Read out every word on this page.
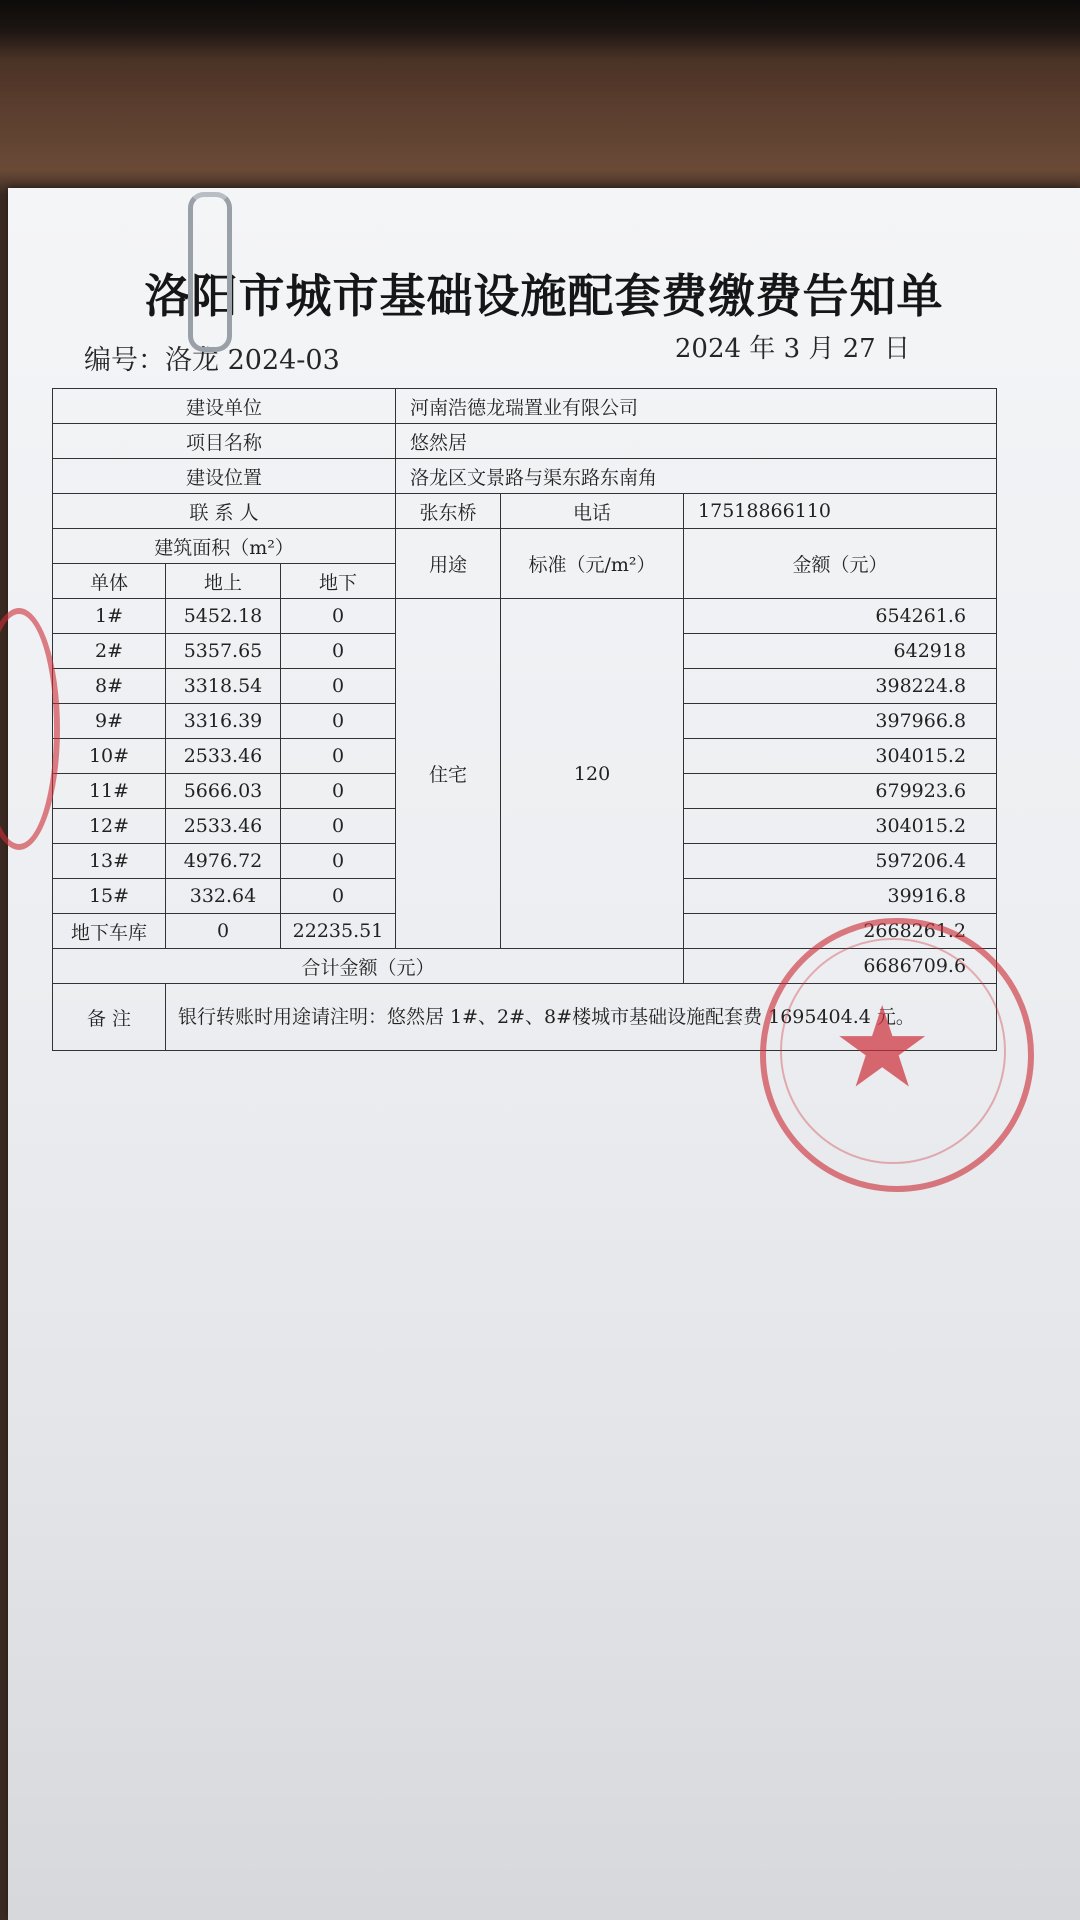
洛阳市城市基础设施配套费缴费告知单
编号：洛龙 2024-03	2024 年 3 月 27 日
建设单位			河南浩德龙瑞置业有限公司		
项目名称			悠然居		
建设位置			洛龙区文景路与渠东路东南角		
联 系 人			张东桥	电话	17518866110
建筑面积（m²）			用途	标准（元/m²）	金额（元）
单体	地上	地下			
1#	5452.18	0	住宅	120	654261.6
2#	5357.65	0			642918
8#	3318.54	0			398224.8
9#	3316.39	0			397966.8
10#	2533.46	0			304015.2
11#	5666.03	0			679923.6
12#	2533.46	0			304015.2
13#	4976.72	0			597206.4
15#	332.64	0			39916.8
地下车库	0	22235.51			2668261.2
合计金额（元）					6686709.6
备 注	银行转账时用途请注明：悠然居 1#、2#、8#楼城市基础设施配套费 1695404.4 元。				
★
